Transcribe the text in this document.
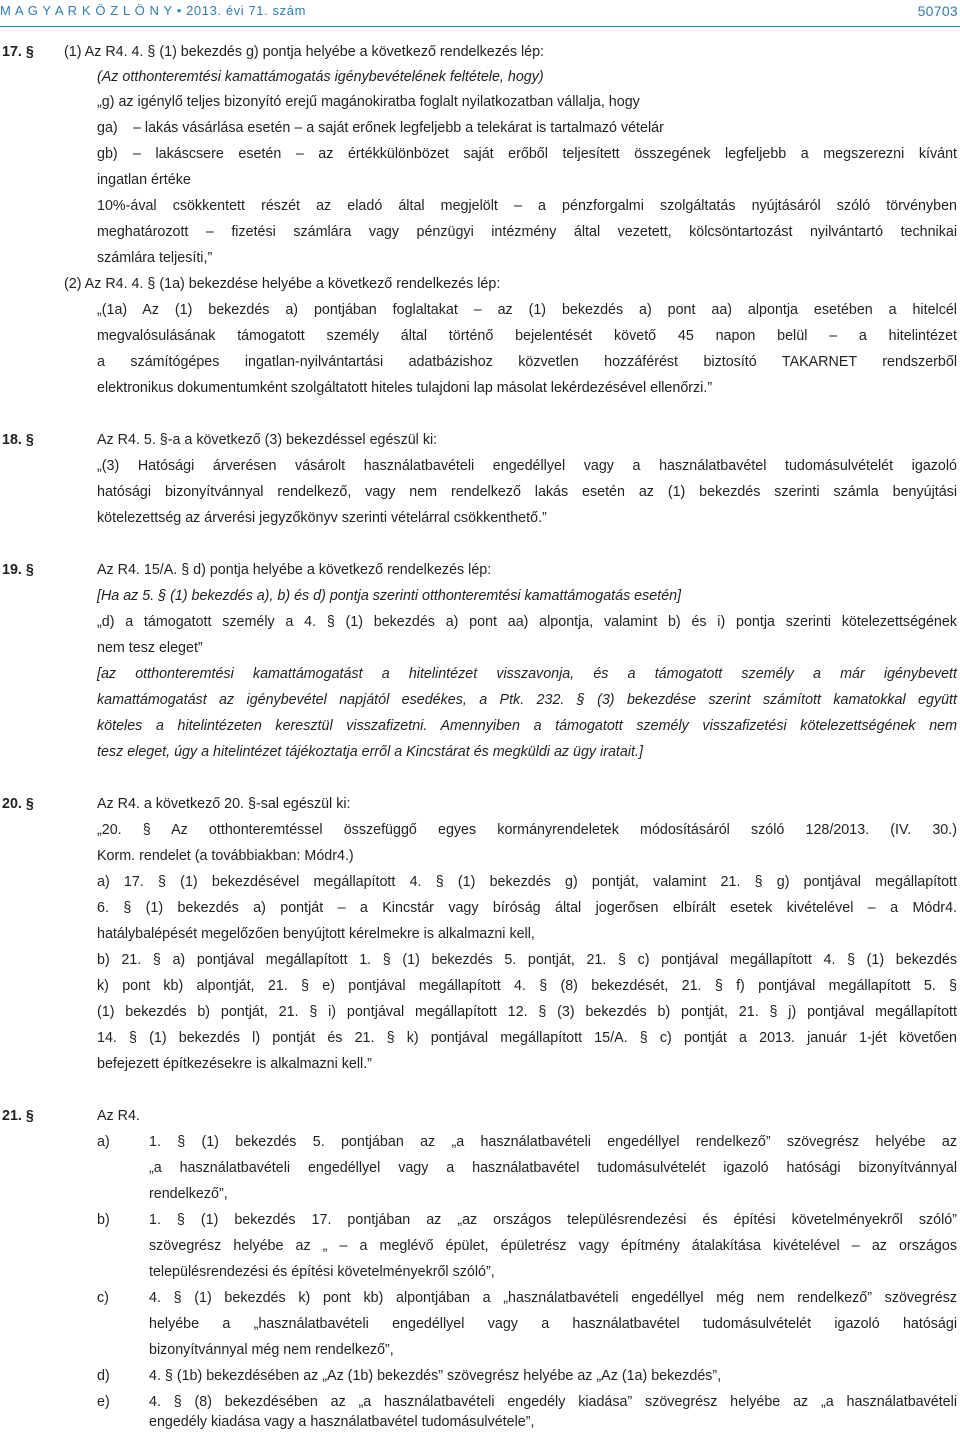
M A G Y A R K Ö Z L Ö N Y • 2013. évi 71. szám	50703
17. § (1) Az R4. 4. § (1) bekezdés g) pontja helyébe a következő rendelkezés lép:
(Az otthonteremtési kamattámogatás igénybevételének feltétele, hogy)
„g) az igénylő teljes bizonyító erejű magánokiratba foglalt nyilatkozatban vállalja, hogy
ga) – lakás vásárlása esetén – a saját erőnek legfeljebb a telekárat is tartalmazó vételár
gb) – lakáscsere esetén – az értékkülönbözet saját erőből teljesített összegének legfeljebb a megszerezni kívánt
ingatlan értéke
10%-ával csökkentett részét az eladó által megjelölt – a pénzforgalmi szolgáltatás nyújtásáról szóló törvényben
meghatározott – fizetési számlára vagy pénzügyi intézmény által vezetett, kölcsöntartozást nyilvántartó technikai
számlára teljesíti,”
(2) Az R4. 4. § (1a) bekezdése helyébe a következő rendelkezés lép:
„(1a) Az (1) bekezdés a) pontjában foglaltakat – az (1) bekezdés a) pont aa) alpontja esetében a hitelcél
megvalósulásának támogatott személy által történő bejelentését követő 45 napon belül – a hitelintézet
a számítógépes ingatlan-nyilvántartási adatbázishoz közvetlen hozzáférést biztosító TAKARNET rendszerből
elektronikus dokumentumként szolgáltatott hiteles tulajdoni lap másolat lekérdezésével ellenőrzi.”
18. §	Az R4. 5. §-a a következő (3) bekezdéssel egészül ki:
„(3) Hatósági árverésen vásárolt használatbavételi engedéllyel vagy a használatbavétel tudomásulvételét igazoló
hatósági bizonyítvánnyal rendelkező, vagy nem rendelkező lakás esetén az (1) bekezdés szerinti számla benyújtási
kötelezettség az árverési jegyzőkönyv szerinti vételárral csökkenthető.”
19. §	Az R4. 15/A. § d) pontja helyébe a következő rendelkezés lép:
[Ha az 5. § (1) bekezdés a), b) és d) pontja szerinti otthonteremtési kamattámogatás esetén]
„d) a támogatott személy a 4. § (1) bekezdés a) pont aa) alpontja, valamint b) és i) pontja szerinti kötelezettségének
nem tesz eleget”
[az otthonteremtési kamattámogatást a hitelintézet visszavonja, és a támogatott személy a már igénybevett
kamattámogatást az igénybevétel napjától esedékes, a Ptk. 232. § (3) bekezdése szerint számított kamatokkal együtt
köteles a hitelintézeten keresztül visszafizetni. Amennyiben a támogatott személy visszafizetési kötelezettségének nem
tesz eleget, úgy a hitelintézet tájékoztatja erről a Kincstárat és megküldi az ügy iratait.]
20. §	Az R4. a következő 20. §-sal egészül ki:
„20. § Az otthonteremtéssel összefüggő egyes kormányrendeletek módosításáról szóló 128/2013. (IV. 30.)
Korm. rendelet (a továbbiakban: Módr4.)
a) 17. § (1) bekezdésével megállapított 4. § (1) bekezdés g) pontját, valamint 21. § g) pontjával megállapított
6. § (1) bekezdés a) pontját – a Kincstár vagy bíróság által jogerősen elbírált esetek kivételével – a Módr4.
hatálybalépését megelőzően benyújtott kérelmekre is alkalmazni kell,
b) 21. § a) pontjával megállapított 1. § (1) bekezdés 5. pontját, 21. § c) pontjával megállapított 4. § (1) bekezdés
k) pont kb) alpontját, 21. § e) pontjával megállapított 4. § (8) bekezdését, 21. § f) pontjával megállapított 5. §
(1) bekezdés b) pontját, 21. § i) pontjával megállapított 12. § (3) bekezdés b) pontját, 21. § j) pontjával megállapított
14. § (1) bekezdés l) pontját és 21. § k) pontjával megállapított 15/A. § c) pontját a 2013. január 1-jét követően
befejezett építkezésekre is alkalmazni kell.”
21. §	Az R4.
a)	1. § (1) bekezdés 5. pontjában az „a használatbavételi engedéllyel rendelkező” szövegrész helyébe az
„a használatbavételi engedéllyel vagy a használatbavétel tudomásulvételét igazoló hatósági bizonyítvánnyal
rendelkező”,
b)	1. § (1) bekezdés 17. pontjában az „az országos településrendezési és építési követelményekről szóló”
szövegrész helyébe az „ – a meglévő épület, épületrész vagy építmény átalakítása kivételével – az országos
településrendezési és építési követelményekről szóló”,
c)	4. § (1) bekezdés k) pont kb) alpontjában a „használatbavételi engedéllyel még nem rendelkező” szövegrész
helyébe a „használatbavételi engedéllyel vagy a használatbavétel tudomásulvételét igazoló hatósági
bizonyítvánnyal még nem rendelkező”,
d)	4. § (1b) bekezdésében az „Az (1b) bekezdés” szövegrész helyébe az „Az (1a) bekezdés”,
e)	4. § (8) bekezdésében az „a használatbavételi engedély kiadása” szövegrész helyébe az „a használatbavételi
engedély kiadása vagy a használatbavétel tudomásulvétele”,
